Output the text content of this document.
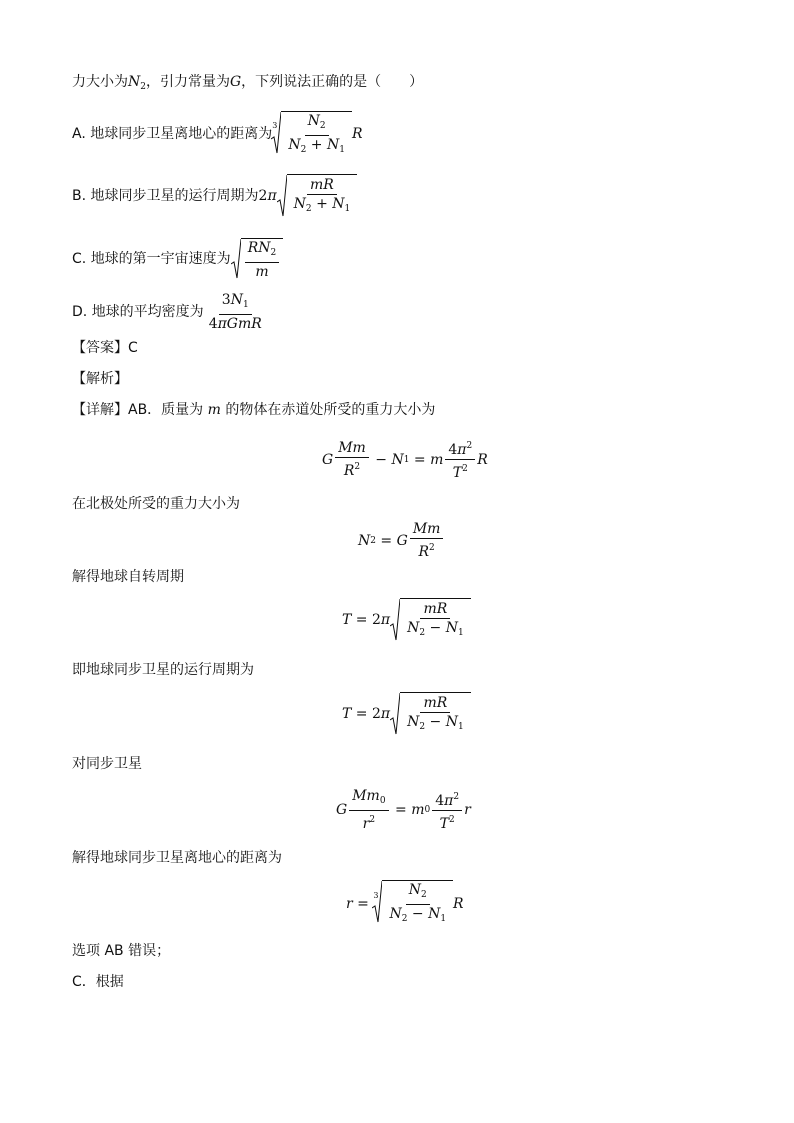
力大小为$N_2$，引力常量为G，下列说法正确的是（　　）
A.
地球同步卫星离地心的距离为
$3 \frac{N_2}{N_2 + N_1}$ R
B.
地球同步卫星的运行周期为 2 π $\frac{mR}{N_2 + N_1}$
C.
地球的第一宇宙速度为 $\frac{RN_2}{m}$
D.
地球的平均密度为 $\frac{3N_1}{\text{4πGmR}}$
【答案】C
【解析】
【详解】AB．质量为 m 的物体在赤道处所受的重力大小为
G $\frac{Mm}{R^2} - N$ 1 = m $\frac{4\pi^2}{T^2}$ R
在北极处所受的重力大小为
N 2 = G $\frac{Mm}{R^2}$
解得地球自转周期
T = 2 π $\frac{mR}{N_2 - N_1}$
即地球同步卫星的运行周期为
T = 2 π $\frac{mR}{N_2 - N_1}$
对同步卫星
G $\frac{Mm_0}{r^2} = m$ $0 \frac{4\pi^2}{T^2}$ r
解得地球同步卫星离地心的距离为
$r = 3 \frac{N_2}{N_2 - N_1}$ R
选项 AB 错误；
C．根据
